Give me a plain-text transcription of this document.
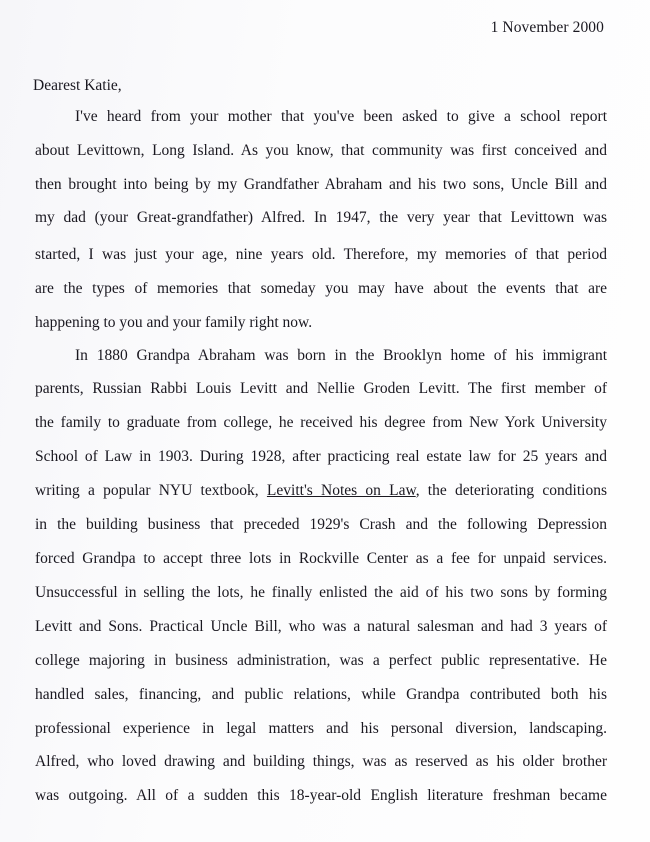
1 November 2000
Dearest Katie,
I've heard from your mother that you've been asked to give a school report
about Levittown, Long Island. As you know, that community was first conceived and
then brought into being by my Grandfather Abraham and his two sons, Uncle Bill and
my dad (your Great-grandfather) Alfred. In 1947, the very year that Levittown was
started, I was just your age, nine years old. Therefore, my memories of that period
are the types of memories that someday you may have about the events that are
happening to you and your family right now.
In 1880 Grandpa Abraham was born in the Brooklyn home of his immigrant
parents, Russian Rabbi Louis Levitt and Nellie Groden Levitt. The first member of
the family to graduate from college, he received his degree from New York University
School of Law in 1903. During 1928, after practicing real estate law for 25 years and
writing a popular NYU textbook, Levitt's Notes on Law, the deteriorating conditions
in the building business that preceded 1929's Crash and the following Depression
forced Grandpa to accept three lots in Rockville Center as a fee for unpaid services.
Unsuccessful in selling the lots, he finally enlisted the aid of his two sons by forming
Levitt and Sons. Practical Uncle Bill, who was a natural salesman and had 3 years of
college majoring in business administration, was a perfect public representative. He
handled sales, financing, and public relations, while Grandpa contributed both his
professional experience in legal matters and his personal diversion, landscaping.
Alfred, who loved drawing and building things, was as reserved as his older brother
was outgoing. All of a sudden this 18-year-old English literature freshman became
